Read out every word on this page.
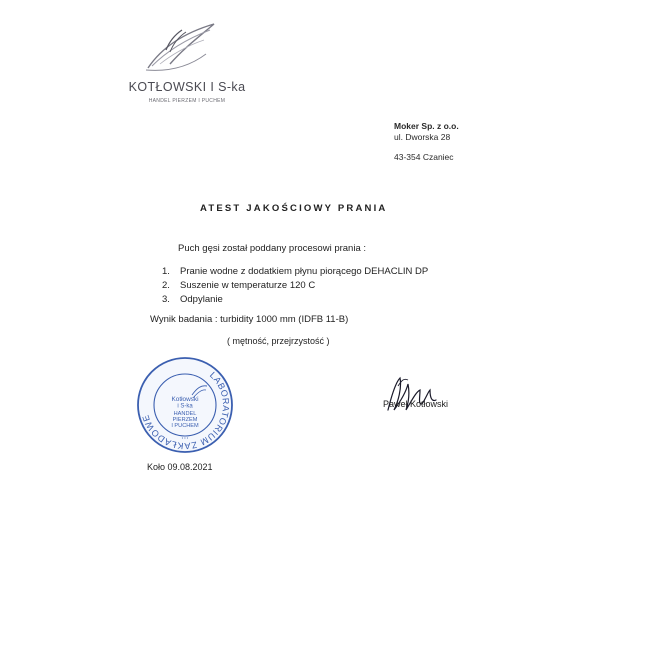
KOTŁOWSKI I S-ka
HANDEL PIERZEM I PUCHEM
Moker Sp. z o.o.
ul. Dworska 28
43-354 Czaniec
ATEST JAKOŚCIOWY PRANIA
Puch gęsi został poddany procesowi prania :
1. Pranie wodne z dodatkiem płynu piorącego DEHACLIN DP
2. Suszenie w temperaturze 120 C
3. Odpylanie
Wynik badania : turbidity 1000 mm (IDFB 11-B)
( mętność, przejrzystość )
LABORATORIUM ZAKŁADOWE
Kotłowski
i S-ka
HANDEL
PIERZEM
I PUCHEM
• • •
Paweł Kotłowski
Koło 09.08.2021
